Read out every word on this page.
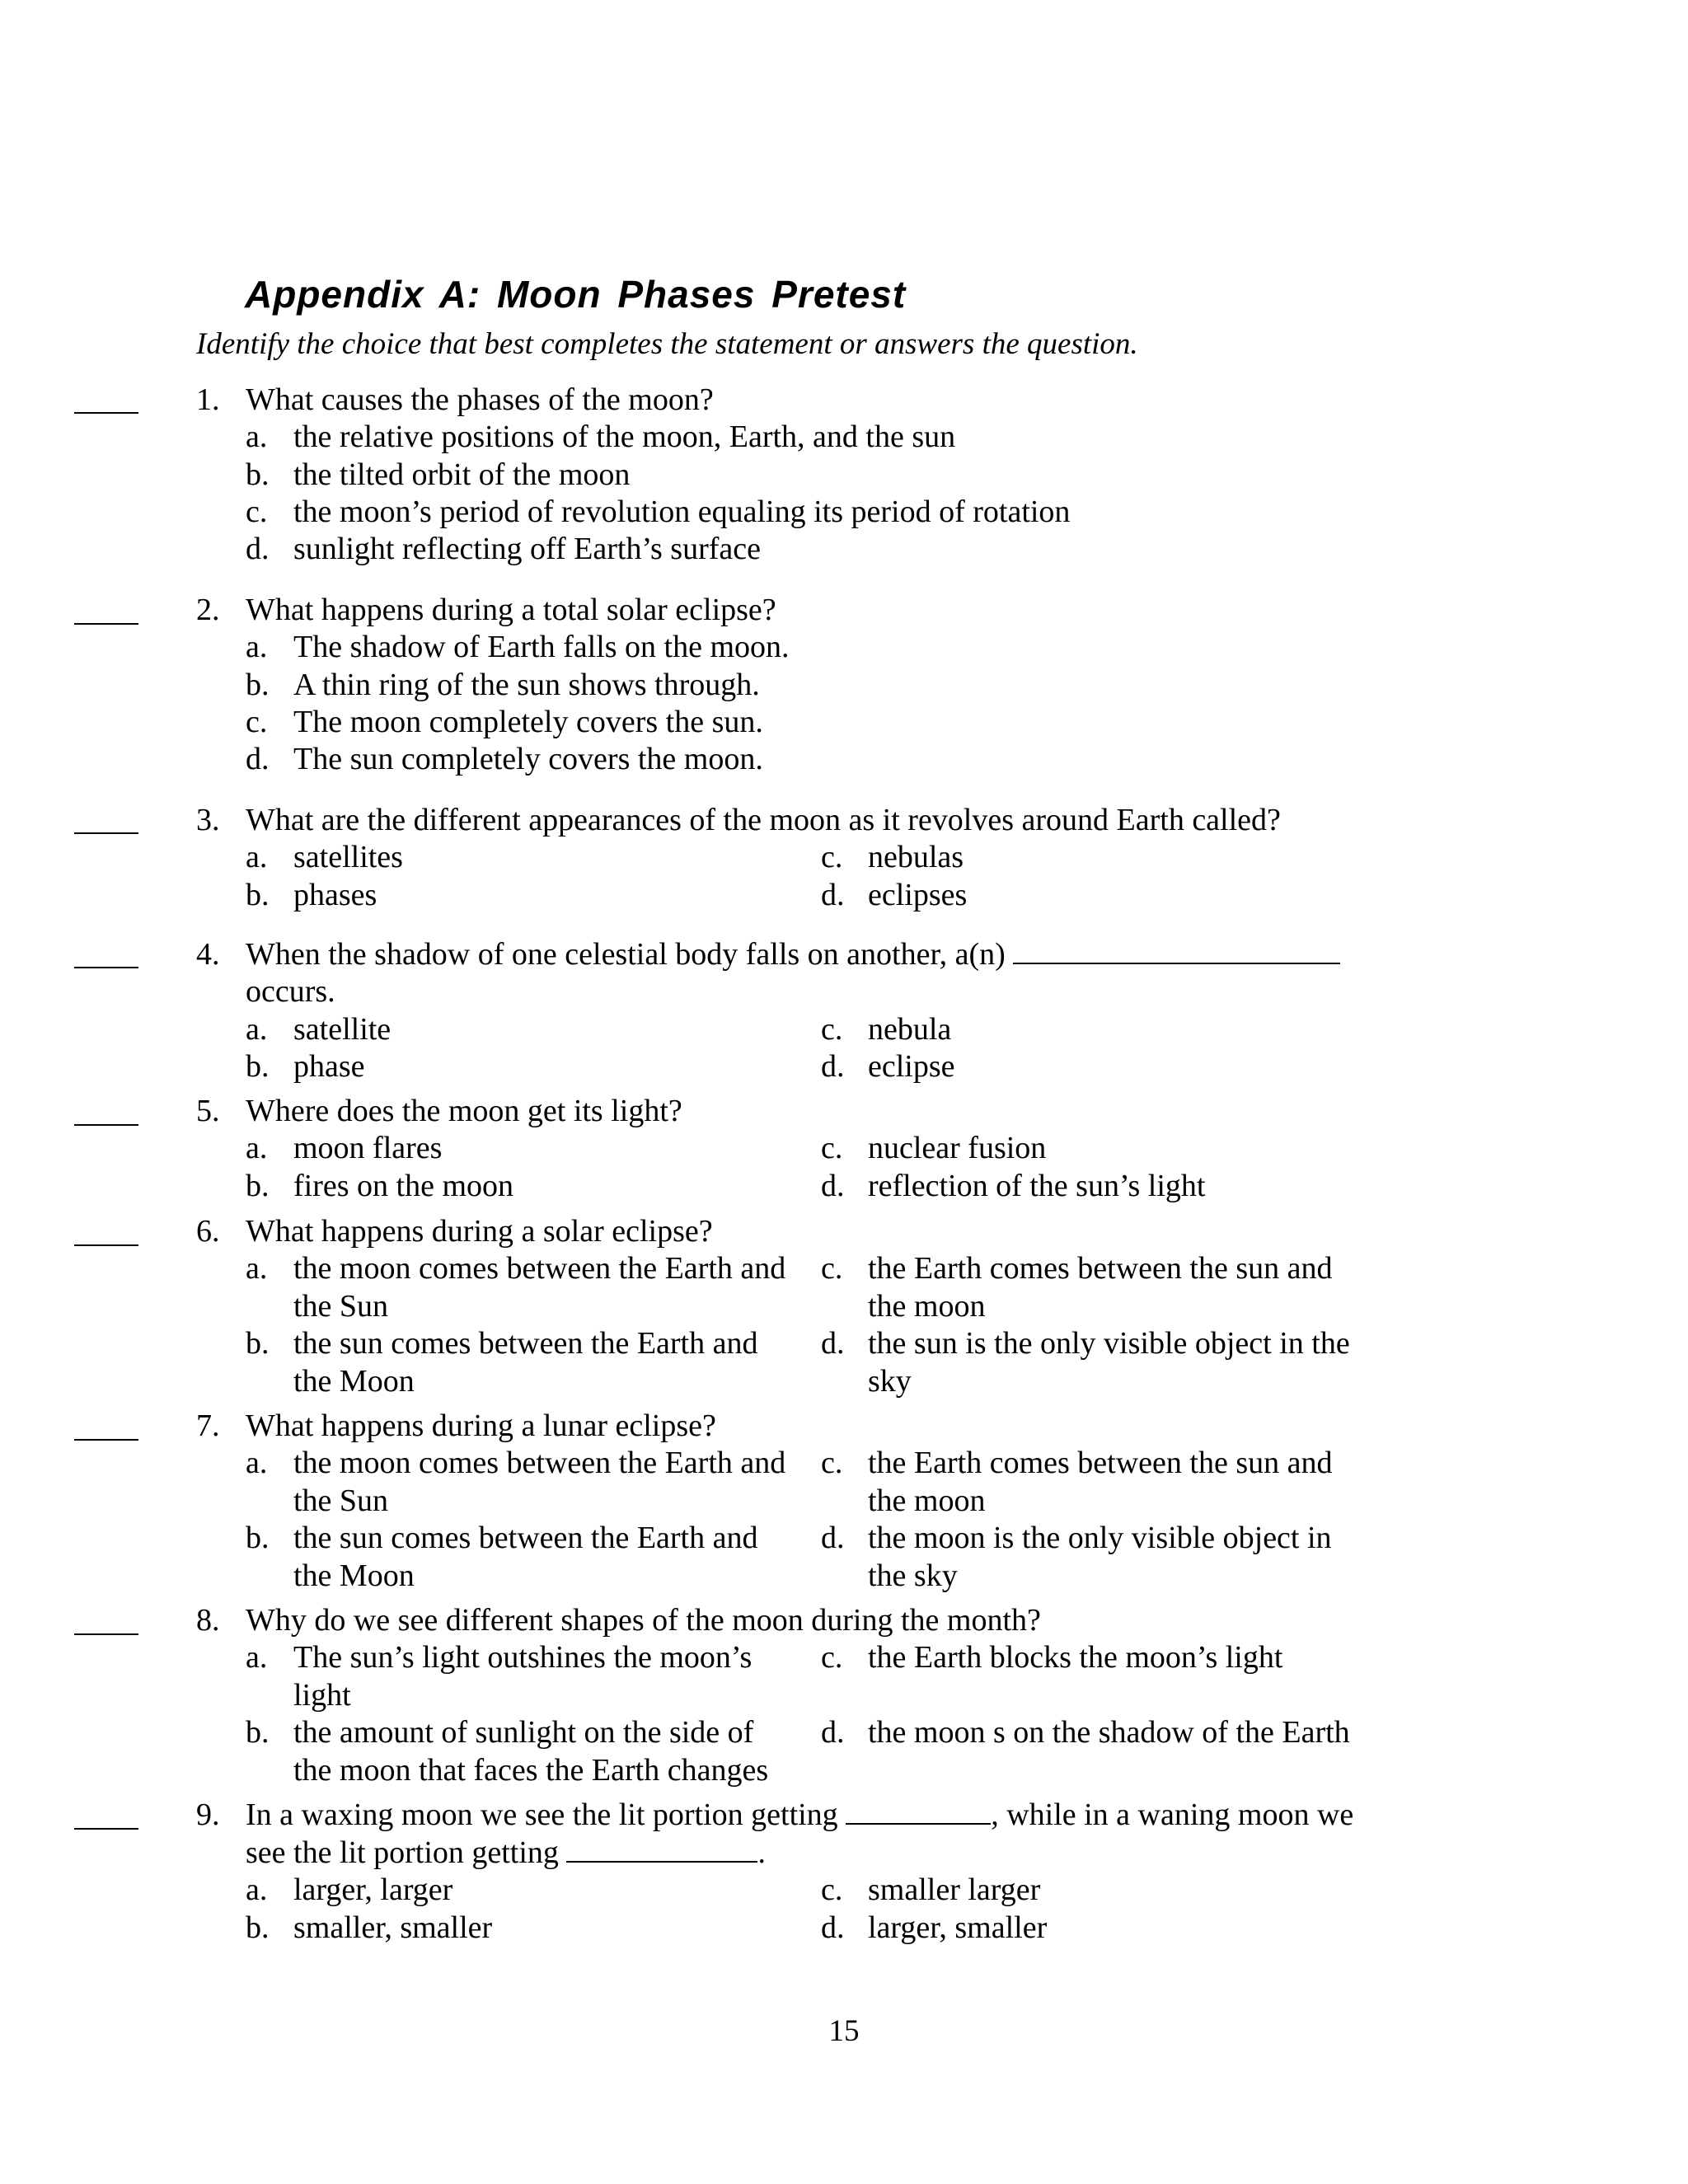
Appendix A: Moon Phases Pretest
Identify the choice that best completes the statement or answers the question.
1. What causes the phases of the moon?
a. the relative positions of the moon, Earth, and the sun
b. the tilted orbit of the moon
c. the moon’s period of revolution equaling its period of rotation
d. sunlight reflecting off Earth’s surface
2. What happens during a total solar eclipse?
a. The shadow of Earth falls on the moon.
b. A thin ring of the sun shows through.
c. The moon completely covers the sun.
d. The sun completely covers the moon.
3. What are the different appearances of the moon as it revolves around Earth called?
a. satellites
b. phases
c. nebulas
d. eclipses
4. When the shadow of one celestial body falls on another, a(n)
occurs.
a. satellite
b. phase
c. nebula
d. eclipse
5. Where does the moon get its light?
a. moon flares
b. fires on the moon
c. nuclear fusion
d. reflection of the sun’s light
6. What happens during a solar eclipse?
a. the moon comes between the Earth and
the Sun
b. the sun comes between the Earth and
the Moon
c. the Earth comes between the sun and
the moon
d. the sun is the only visible object in the
sky
7. What happens during a lunar eclipse?
a. the moon comes between the Earth and
the Sun
b. the sun comes between the Earth and
the Moon
c. the Earth comes between the sun and
the moon
d. the moon is the only visible object in
the sky
8. Why do we see different shapes of the moon during the month?
a. The sun’s light outshines the moon’s
light
b. the amount of sunlight on the side of
the moon that faces the Earth changes
c. the Earth blocks the moon’s light
d. the moon s on the shadow of the Earth
9. In a waxing moon we see the lit portion getting	, while in a waning moon we
see the lit portion getting	.
a. larger, larger
b. smaller, smaller
c. smaller larger
d. larger, smaller
15
